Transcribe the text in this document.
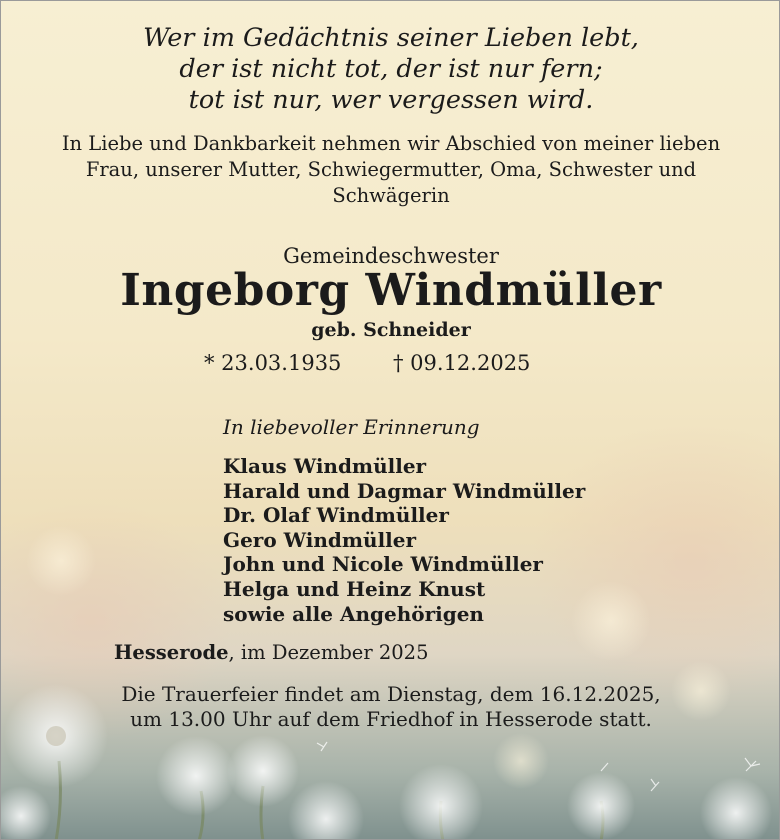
Wer im Gedächtnis seiner Lieben lebt,
der ist nicht tot, der ist nur fern;
tot ist nur, wer vergessen wird.
In Liebe und Dankbarkeit nehmen wir Abschied von meiner lieben
Frau, unserer Mutter, Schwiegermutter, Oma, Schwester und
Schwägerin
Gemeindeschwester
Ingeborg Windmüller
geb. Schneider
* 23.03.1935 † 09.12.2025
In liebevoller Erinnerung
Klaus Windmüller
Harald und Dagmar Windmüller
Dr. Olaf Windmüller
Gero Windmüller
John und Nicole Windmüller
Helga und Heinz Knust
sowie alle Angehörigen
Hesserode, im Dezember 2025
Die Trauerfeier findet am Dienstag, dem 16.12.2025,
um 13.00 Uhr auf dem Friedhof in Hesserode statt.
